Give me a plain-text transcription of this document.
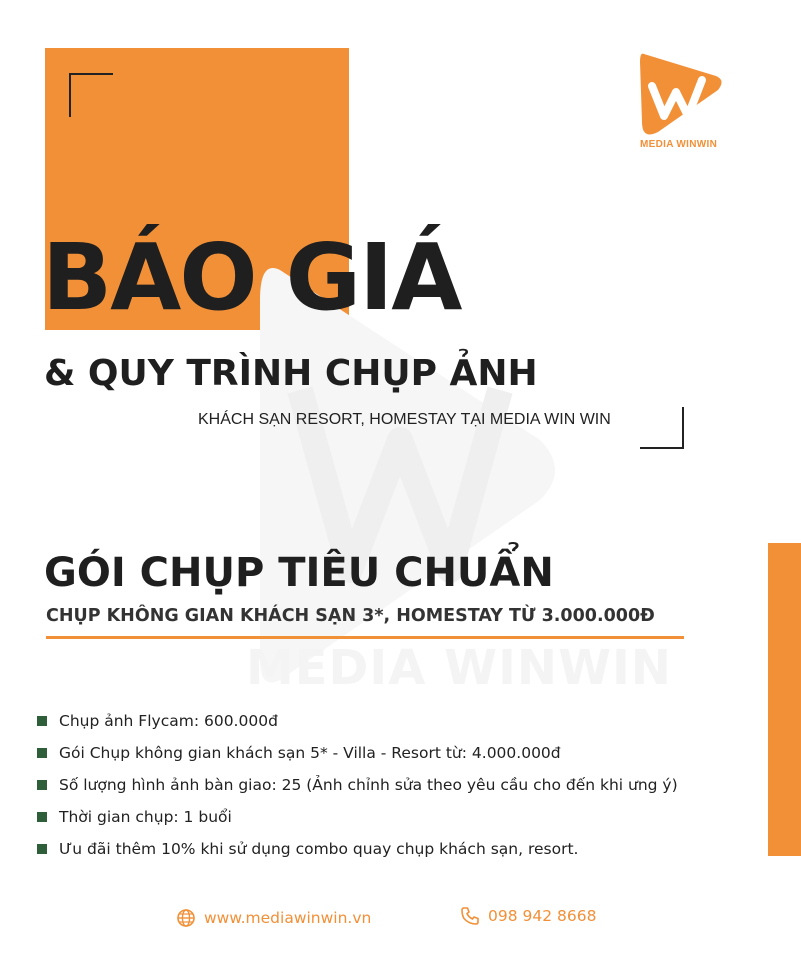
MEDIA WINWIN
MEDIA WINWIN
BÁO GIÁ
& QUY TRÌNH CHỤP ẢNH
KHÁCH SẠN RESORT, HOMESTAY TẠI MEDIA WIN WIN
GÓI CHỤP TIÊU CHUẨN
CHỤP KHÔNG GIAN KHÁCH SẠN 3*, HOMESTAY TỪ 3.000.000Đ
Chụp ảnh Flycam: 600.000đ
Gói Chụp không gian khách sạn 5* - Villa - Resort từ: 4.000.000đ
Số lượng hình ảnh bàn giao: 25 (Ảnh chỉnh sửa theo yêu cầu cho đến khi ưng ý)
Thời gian chụp: 1 buổi
Ưu đãi thêm 10% khi sử dụng combo quay chụp khách sạn, resort.
www.mediawinwin.vn	098 942 8668
